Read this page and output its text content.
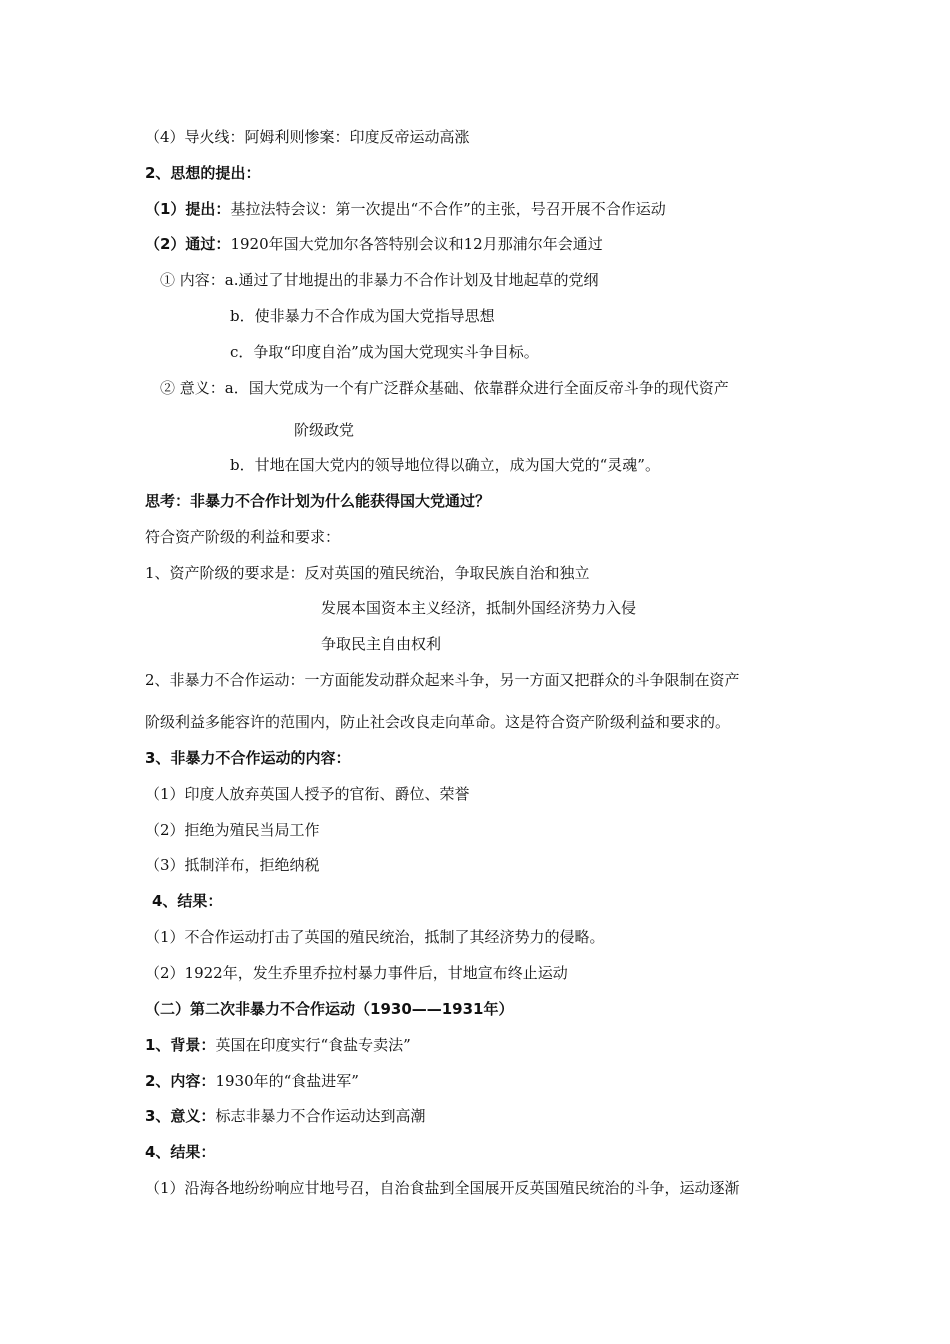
（4）导火线：阿姆利则惨案：印度反帝运动高涨
2、思想的提出：
（1）提出：基拉法特会议：第一次提出“不合作”的主张，号召开展不合作运动
（2）通过：1920年国大党加尔各答特别会议和12月那浦尔年会通过
① 内容：a.通过了甘地提出的非暴力不合作计划及甘地起草的党纲
b．使非暴力不合作成为国大党指导思想
c．争取“印度自治”成为国大党现实斗争目标。
② 意义：a．国大党成为一个有广泛群众基础、依靠群众进行全面反帝斗争的现代资产
阶级政党
b．甘地在国大党内的领导地位得以确立，成为国大党的“灵魂”。
思考：非暴力不合作计划为什么能获得国大党通过？
符合资产阶级的利益和要求：
1、资产阶级的要求是：反对英国的殖民统治，争取民族自治和独立
发展本国资本主义经济，抵制外国经济势力入侵
争取民主自由权利
2、非暴力不合作运动：一方面能发动群众起来斗争，另一方面又把群众的斗争限制在资产
阶级利益多能容许的范围内，防止社会改良走向革命。这是符合资产阶级利益和要求的。
3、非暴力不合作运动的内容：
（1）印度人放弃英国人授予的官衔、爵位、荣誉
（2）拒绝为殖民当局工作
（3）抵制洋布，拒绝纳税
4、结果：
（1）不合作运动打击了英国的殖民统治，抵制了其经济势力的侵略。
（2）1922年，发生乔里乔拉村暴力事件后，甘地宣布终止运动
（二）第二次非暴力不合作运动（1930——1931年）
1、背景：英国在印度实行“食盐专卖法”
2、内容：1930年的“食盐进军”
3、意义：标志非暴力不合作运动达到高潮
4、结果：
（1）沿海各地纷纷响应甘地号召，自治食盐到全国展开反英国殖民统治的斗争，运动逐渐
